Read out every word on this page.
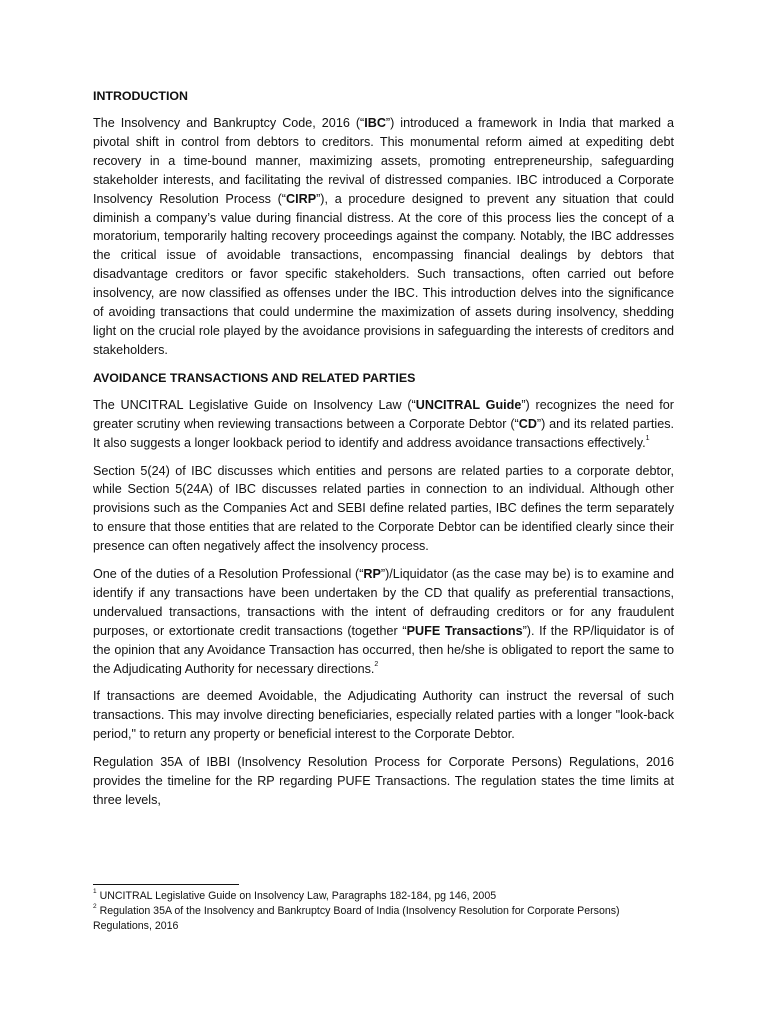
INTRODUCTION

The Insolvency and Bankruptcy Code, 2016 (“IBC”) introduced a framework in India that marked a pivotal shift in control from debtors to creditors. This monumental reform aimed at expediting debt recovery in a time-bound manner, maximizing assets, promoting entrepreneurship, safeguarding stakeholder interests, and facilitating the revival of distressed companies. IBC introduced a Corporate Insolvency Resolution Process (“CIRP”), a procedure designed to prevent any situation that could diminish a company’s value during financial distress. At the core of this process lies the concept of a moratorium, temporarily halting recovery proceedings against the company. Notably, the IBC addresses the critical issue of avoidable transactions, encompassing financial dealings by debtors that disadvantage creditors or favor specific stakeholders. Such transactions, often carried out before insolvency, are now classified as offenses under the IBC. This introduction delves into the significance of avoiding transactions that could undermine the maximization of assets during insolvency, shedding light on the crucial role played by the avoidance provisions in safeguarding the interests of creditors and stakeholders.

AVOIDANCE TRANSACTIONS AND RELATED PARTIES

The UNCITRAL Legislative Guide on Insolvency Law (“UNCITRAL Guide”) recognizes the need for greater scrutiny when reviewing transactions between a Corporate Debtor (“CD”) and its related parties. It also suggests a longer lookback period to identify and address avoidance transactions effectively.$^1$

Section 5(24) of IBC discusses which entities and persons are related parties to a corporate debtor, while Section 5(24A) of IBC discusses related parties in connection to an individual. Although other provisions such as the Companies Act and SEBI define related parties, IBC defines the term separately to ensure that those entities that are related to the Corporate Debtor can be identified clearly since their presence can often negatively affect the insolvency process.

One of the duties of a Resolution Professional (“RP”)/Liquidator (as the case may be) is to examine and identify if any transactions have been undertaken by the CD that qualify as preferential transactions, undervalued transactions, transactions with the intent of defrauding creditors or for any fraudulent purposes, or extortionate credit transactions (together “PUFE Transactions”). If the RP/liquidator is of the opinion that any Avoidance Transaction has occurred, then he/she is obligated to report the same to the Adjudicating Authority for necessary directions.$^2$

If transactions are deemed Avoidable, the Adjudicating Authority can instruct the reversal of such transactions. This may involve directing beneficiaries, especially related parties with a longer "look-back period," to return any property or beneficial interest to the Corporate Debtor.

Regulation 35A of IBBI (Insolvency Resolution Process for Corporate Persons) Regulations, 2016 provides the timeline for the RP regarding PUFE Transactions. The regulation states the time limits at three levels,

$^1$ UNCITRAL Legislative Guide on Insolvency Law, Paragraphs 182-184, pg 146, 2005

$^2$ Regulation 35A of the Insolvency and Bankruptcy Board of India (Insolvency Resolution for Corporate Persons) Regulations, 2016
